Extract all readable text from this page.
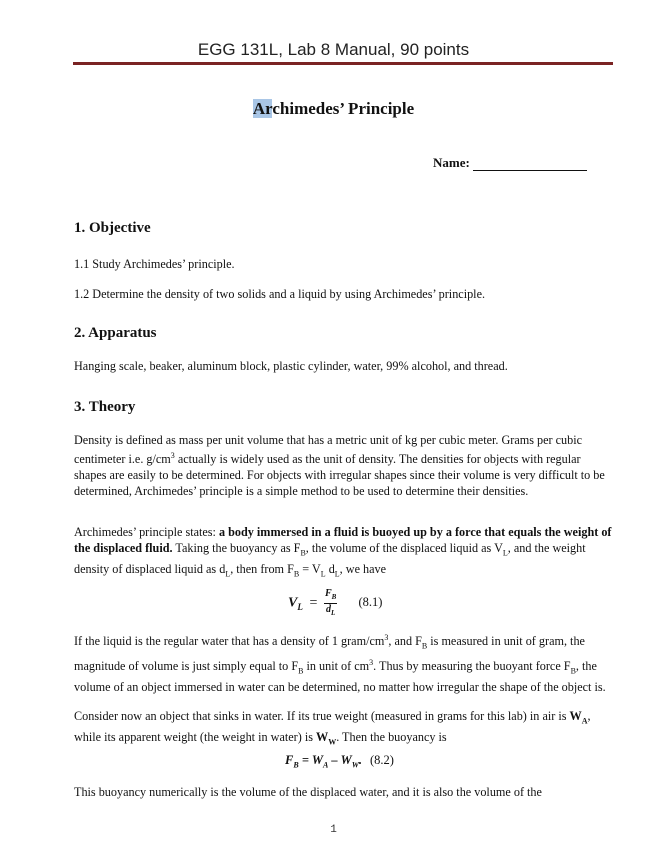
EGG 131L, Lab 8 Manual, 90 points
Archimedes’ Principle
Name:
1. Objective
1.1 Study Archimedes’ principle.
1.2 Determine the density of two solids and a liquid by using Archimedes’ principle.
2. Apparatus
Hanging scale, beaker, aluminum block, plastic cylinder, water, 99% alcohol, and thread.
3. Theory
Density is defined as mass per unit volume that has a metric unit of kg per cubic meter. Grams per cubic centimeter i.e. $g/cm^3$ actually is widely used as the unit of density. The densities for objects with regular shapes are easily to be determined. For objects with irregular shapes since their volume is very difficult to be determined, Archimedes’ principle is a simple method to be used to determine their densities.
Archimedes’ principle states: a body immersed in a fluid is buoyed up by a force that equals the weight of the displaced fluid. Taking the buoyancy as $F_B$, the volume of the displaced liquid as $V_L$, and the weight density of displaced liquid as $d_L$, then from $F_B = V_L$ $d_L$, we have
$V_L = \frac{F_B}{d_L} (8.1)$
If the liquid is the regular water that has a density of 1 gram/$cm^3$, and $F_B$ is measured in unit of gram, the magnitude of volume is just simply equal to $F_B$ in unit of $cm^3$. Thus by measuring the buoyant force $F_B$, the volume of an object immersed in water can be determined, no matter how irregular the shape of the object is.
Consider now an object that sinks in water. If its true weight (measured in grams for this lab) in air is $W_A$, while its apparent weight (the weight in water) is $W_W$. Then the buoyancy is
$F_B = W_A - W_W$. (8.2)
This buoyancy numerically is the volume of the displaced water, and it is also the volume of the
1
